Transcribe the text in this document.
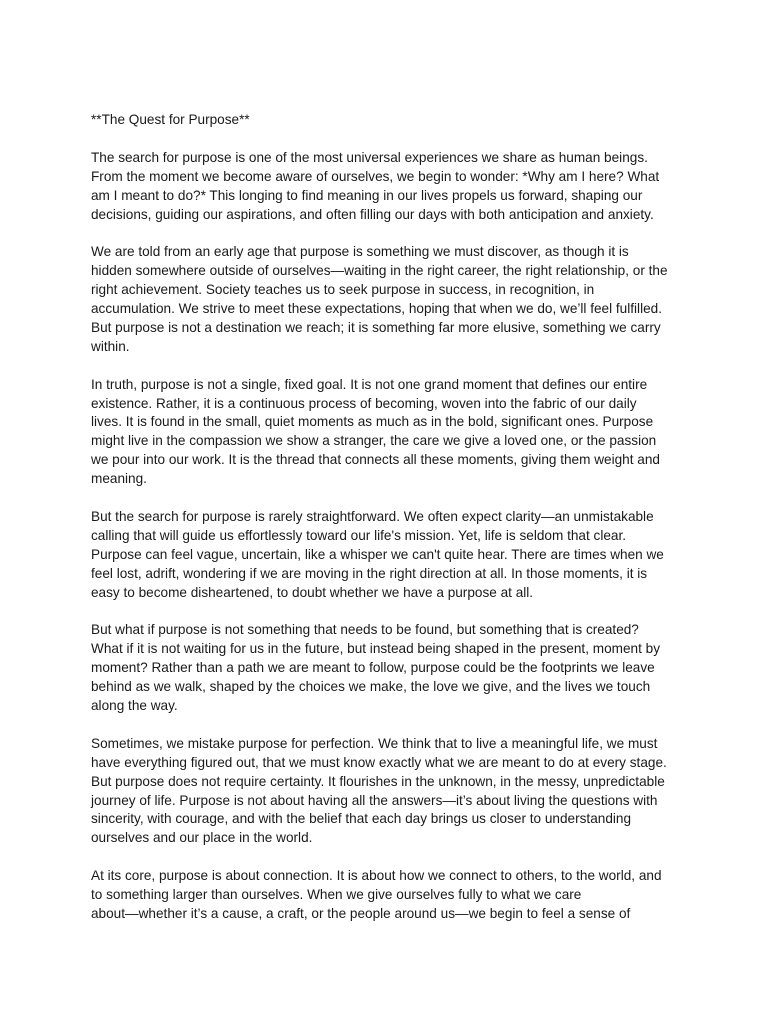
**The Quest for Purpose**

The search for purpose is one of the most universal experiences we share as human beings.
From the moment we become aware of ourselves, we begin to wonder: *Why am I here? What
am I meant to do?* This longing to find meaning in our lives propels us forward, shaping our
decisions, guiding our aspirations, and often filling our days with both anticipation and anxiety.

We are told from an early age that purpose is something we must discover, as though it is
hidden somewhere outside of ourselves—waiting in the right career, the right relationship, or the
right achievement. Society teaches us to seek purpose in success, in recognition, in
accumulation. We strive to meet these expectations, hoping that when we do, we’ll feel fulfilled.
But purpose is not a destination we reach; it is something far more elusive, something we carry
within.

In truth, purpose is not a single, fixed goal. It is not one grand moment that defines our entire
existence. Rather, it is a continuous process of becoming, woven into the fabric of our daily
lives. It is found in the small, quiet moments as much as in the bold, significant ones. Purpose
might live in the compassion we show a stranger, the care we give a loved one, or the passion
we pour into our work. It is the thread that connects all these moments, giving them weight and
meaning.

But the search for purpose is rarely straightforward. We often expect clarity—an unmistakable
calling that will guide us effortlessly toward our life's mission. Yet, life is seldom that clear.
Purpose can feel vague, uncertain, like a whisper we can't quite hear. There are times when we
feel lost, adrift, wondering if we are moving in the right direction at all. In those moments, it is
easy to become disheartened, to doubt whether we have a purpose at all.

But what if purpose is not something that needs to be found, but something that is created?
What if it is not waiting for us in the future, but instead being shaped in the present, moment by
moment? Rather than a path we are meant to follow, purpose could be the footprints we leave
behind as we walk, shaped by the choices we make, the love we give, and the lives we touch
along the way.

Sometimes, we mistake purpose for perfection. We think that to live a meaningful life, we must
have everything figured out, that we must know exactly what we are meant to do at every stage.
But purpose does not require certainty. It flourishes in the unknown, in the messy, unpredictable
journey of life. Purpose is not about having all the answers—it’s about living the questions with
sincerity, with courage, and with the belief that each day brings us closer to understanding
ourselves and our place in the world.

At its core, purpose is about connection. It is about how we connect to others, to the world, and
to something larger than ourselves. When we give ourselves fully to what we care
about—whether it’s a cause, a craft, or the people around us—we begin to feel a sense of
